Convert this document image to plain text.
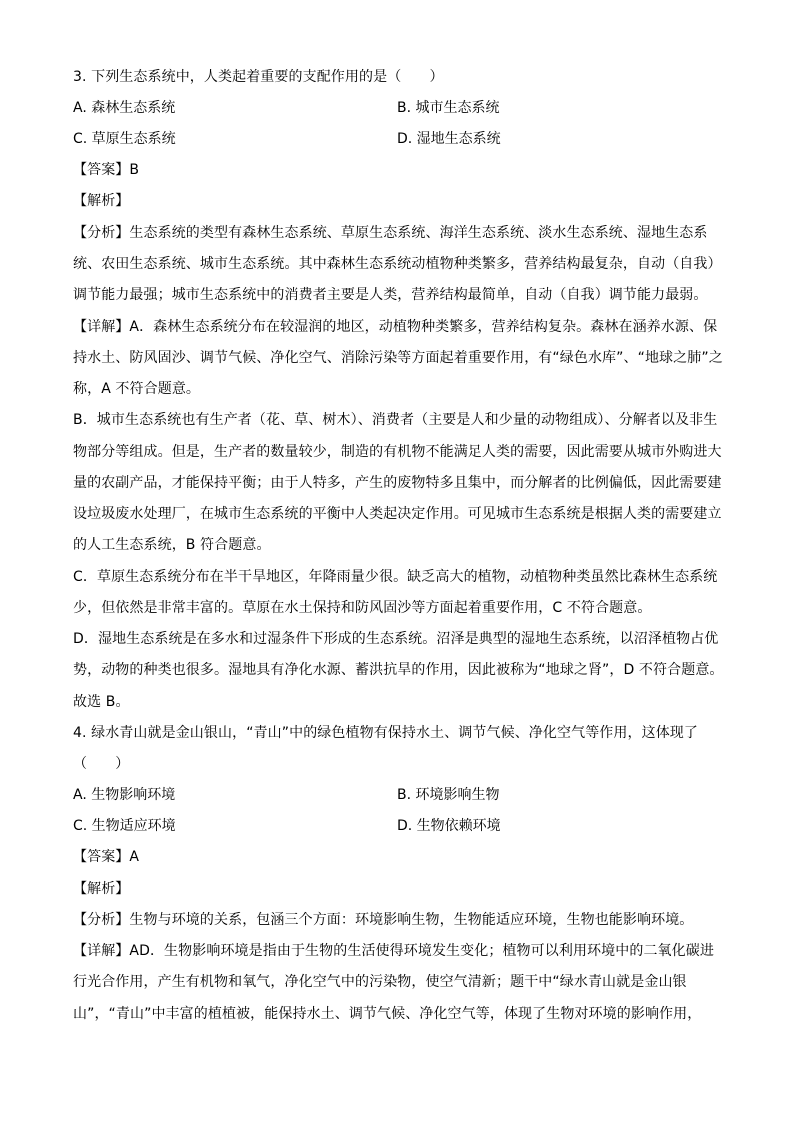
3. 下列生态系统中，人类起着重要的支配作用的是（　　）
A. 森林生态系统	B. 城市生态系统
C. 草原生态系统	D. 湿地生态系统
【答案】B
【解析】
【分析】生态系统的类型有森林生态系统、草原生态系统、海洋生态系统、淡水生态系统、湿地生态系
统、农田生态系统、城市生态系统。其中森林生态系统动植物种类繁多，营养结构最复杂，自动（自我）
调节能力最强；城市生态系统中的消费者主要是人类，营养结构最简单，自动（自我）调节能力最弱。
【详解】A．森林生态系统分布在较湿润的地区，动植物种类繁多，营养结构复杂。森林在涵养水源、保
持水土、防风固沙、调节气候、净化空气、消除污染等方面起着重要作用，有“绿色水库”、“地球之肺”之
称，A 不符合题意。
B．城市生态系统也有生产者（花、草、树木）、消费者（主要是人和少量的动物组成）、分解者以及非生
物部分等组成。但是，生产者的数量较少，制造的有机物不能满足人类的需要，因此需要从城市外购进大
量的农副产品，才能保持平衡；由于人特多，产生的废物特多且集中，而分解者的比例偏低，因此需要建
设垃圾废水处理厂，在城市生态系统的平衡中人类起决定作用。可见城市生态系统是根据人类的需要建立
的人工生态系统，B 符合题意。
C．草原生态系统分布在半干旱地区，年降雨量少很。缺乏高大的植物，动植物种类虽然比森林生态系统
少，但依然是非常丰富的。草原在水土保持和防风固沙等方面起着重要作用，C 不符合题意。
D．湿地生态系统是在多水和过湿条件下形成的生态系统。沼泽是典型的湿地生态系统，以沼泽植物占优
势，动物的种类也很多。湿地具有净化水源、蓄洪抗旱的作用，因此被称为“地球之肾”，D 不符合题意。
故选 B。
4. 绿水青山就是金山银山，“青山”中的绿色植物有保持水土、调节气候、净化空气等作用，这体现了
（　　）
A. 生物影响环境	B. 环境影响生物
C. 生物适应环境	D. 生物依赖环境
【答案】A
【解析】
【分析】生物与环境的关系，包涵三个方面：环境影响生物，生物能适应环境，生物也能影响环境。
【详解】AD．生物影响环境是指由于生物的生活使得环境发生变化；植物可以利用环境中的二氧化碳进
行光合作用，产生有机物和氧气，净化空气中的污染物，使空气清新；题干中“绿水青山就是金山银
山”，“青山”中丰富的植植被，能保持水土、调节气候、净化空气等，体现了生物对环境的影响作用，
